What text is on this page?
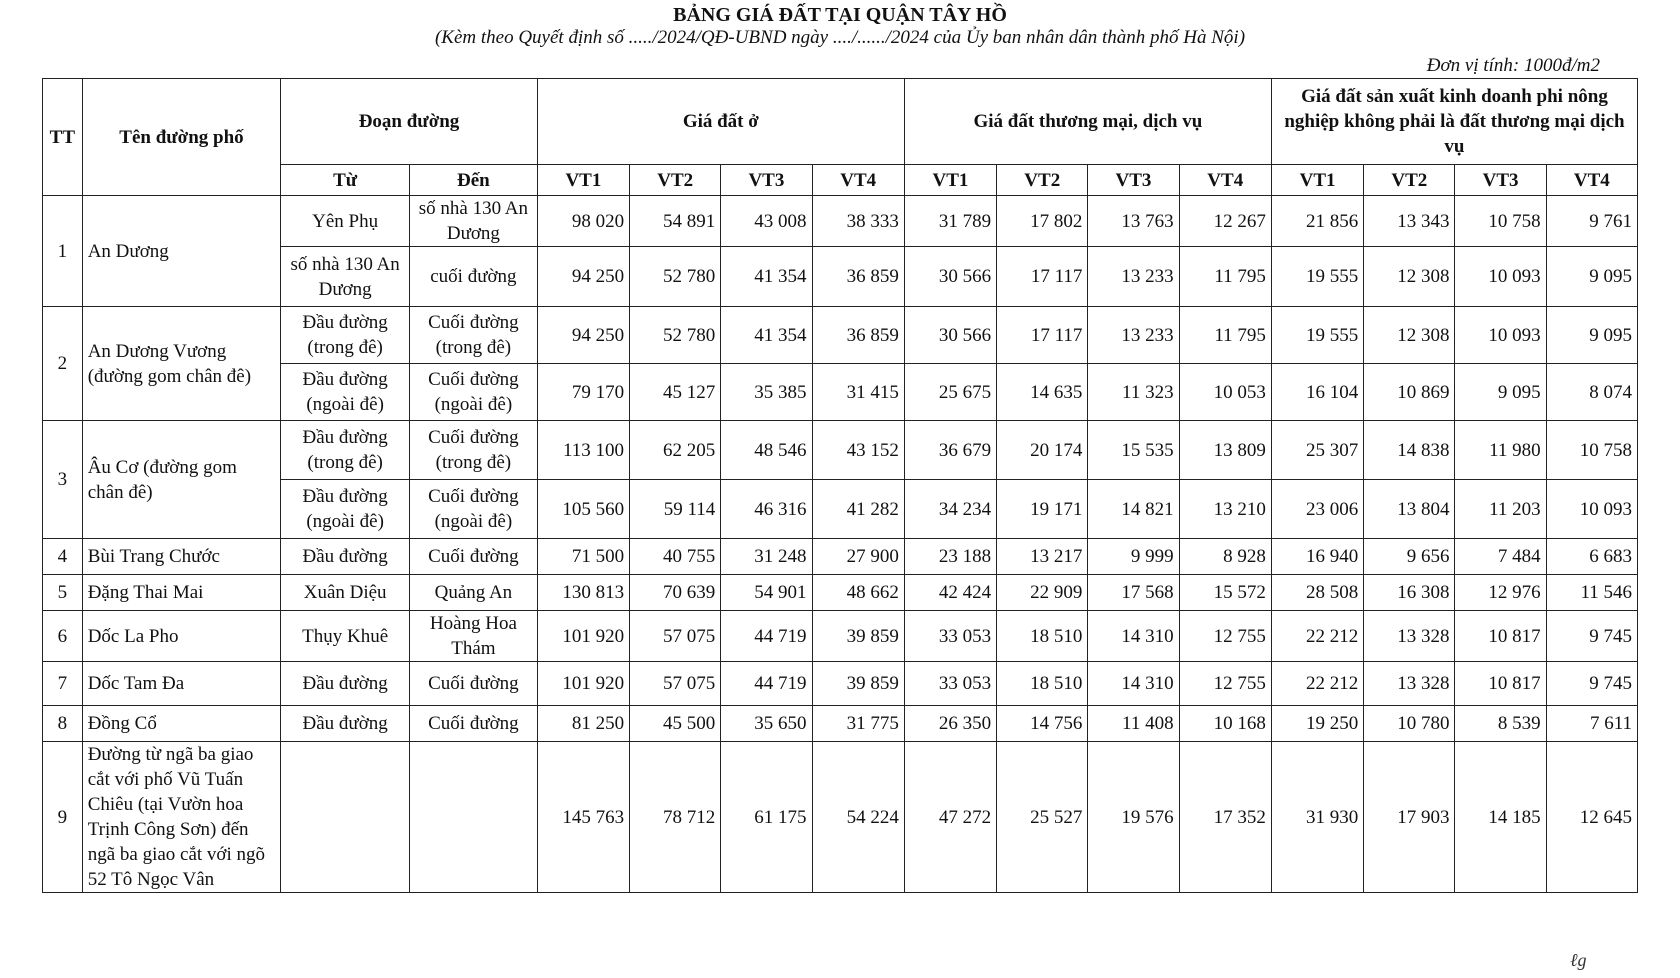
BẢNG GIÁ ĐẤT TẠI QUẬN TÂY HỒ
(Kèm theo Quyết định số ...../2024/QĐ-UBND ngày ..../....../2024 của Ủy ban nhân dân thành phố Hà Nội)
Đơn vị tính: 1000đ/m2
TT	Tên đường phố	Đoạn đường		Giá đất ở				Giá đất thương mại, dịch vụ				Giá đất sản xuất kinh doanh phi nông nghiệp không phải là đất thương mại dịch vụ			
		Từ	Đến	VT1	VT2	VT3	VT4	VT1	VT2	VT3	VT4	VT1	VT2	VT3	VT4
1	An Dương	Yên Phụ	số nhà 130 An Dương	98 020	54 891	43 008	38 333	31 789	17 802	13 763	12 267	21 856	13 343	10 758	9 761
		số nhà 130 An Dương	cuối đường	94 250	52 780	41 354	36 859	30 566	17 117	13 233	11 795	19 555	12 308	10 093	9 095
2	An Dương Vương (đường gom chân đê)	Đầu đường (trong đê)	Cuối đường (trong đê)	94 250	52 780	41 354	36 859	30 566	17 117	13 233	11 795	19 555	12 308	10 093	9 095
		Đầu đường (ngoài đê)	Cuối đường (ngoài đê)	79 170	45 127	35 385	31 415	25 675	14 635	11 323	10 053	16 104	10 869	9 095	8 074
3	Âu Cơ (đường gom chân đê)	Đầu đường (trong đê)	Cuối đường (trong đê)	113 100	62 205	48 546	43 152	36 679	20 174	15 535	13 809	25 307	14 838	11 980	10 758
		Đầu đường (ngoài đê)	Cuối đường (ngoài đê)	105 560	59 114	46 316	41 282	34 234	19 171	14 821	13 210	23 006	13 804	11 203	10 093
4	Bùi Trang Chước	Đầu đường	Cuối đường	71 500	40 755	31 248	27 900	23 188	13 217	9 999	8 928	16 940	9 656	7 484	6 683
5	Đặng Thai Mai	Xuân Diệu	Quảng An	130 813	70 639	54 901	48 662	42 424	22 909	17 568	15 572	28 508	16 308	12 976	11 546
6	Dốc La Pho	Thụy Khuê	Hoàng Hoa Thám	101 920	57 075	44 719	39 859	33 053	18 510	14 310	12 755	22 212	13 328	10 817	9 745
7	Dốc Tam Đa	Đầu đường	Cuối đường	101 920	57 075	44 719	39 859	33 053	18 510	14 310	12 755	22 212	13 328	10 817	9 745
8	Đồng Cổ	Đầu đường	Cuối đường	81 250	45 500	35 650	31 775	26 350	14 756	11 408	10 168	19 250	10 780	8 539	7 611
9	Đường từ ngã ba giao cắt với phố Vũ Tuấn Chiêu (tại Vườn hoa Trịnh Công Sơn) đến ngã ba giao cắt với ngõ 52 Tô Ngọc Vân			145 763	78 712	61 175	54 224	47 272	25 527	19 576	17 352	31 930	17 903	14 185	12 645
ℓg
